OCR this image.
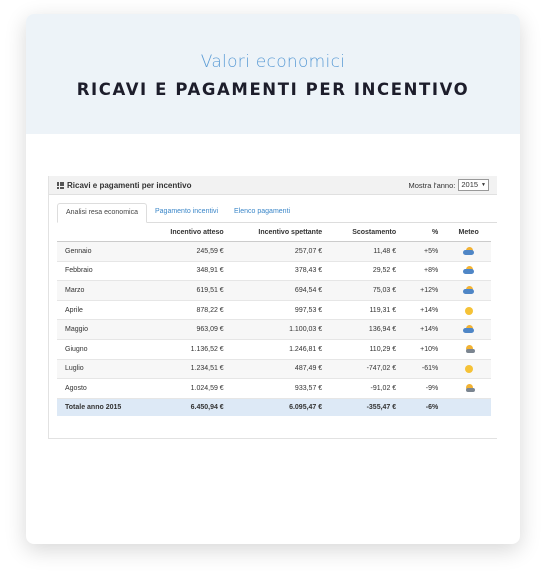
Valori economici
RICAVI E PAGAMENTI PER INCENTIVO
Ricavi e pagamenti per incentivo	Mostra l'anno: 2015 ▼
Analisi resa economica	Pagamento incentivi	Elenco pagamenti
	Incentivo atteso	Incentivo spettante	Scostamento	%	Meteo
Gennaio	245,59 €	257,07 €	11,48 €	+5%	

Febbraio	348,91 €	378,43 €	29,52 €	+8%	

Marzo	619,51 €	694,54 €	75,03 €	+12%	

Aprile	878,22 €	997,53 €	119,31 €	+14%	

Maggio	963,09 €	1.100,03 €	136,94 €	+14%	

Giugno	1.136,52 €	1.246,81 €	110,29 €	+10%	

Luglio	1.234,51 €	487,49 €	-747,02 €	-61%	

Agosto	1.024,59 €	933,57 €	-91,02 €	-9%	

Totale anno 2015	6.450,94 €	6.095,47 €	-355,47 €	-6%	
